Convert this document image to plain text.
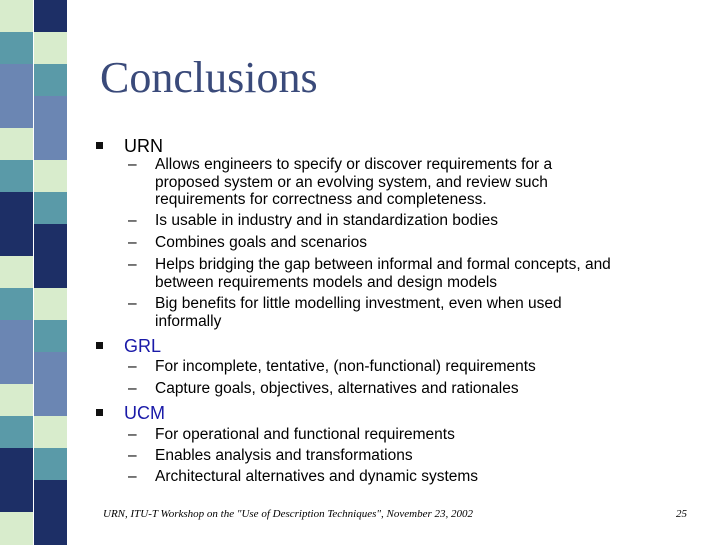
Conclusions
URN
– Allows engineers to specify or discover requirements for a
proposed system or an evolving system, and review such
requirements for correctness and completeness.
– Is usable in industry and in standardization bodies
– Combines goals and scenarios
– Helps bridging the gap between informal and formal concepts, and
between requirements models and design models
– Big benefits for little modelling investment, even when used
informally
GRL
– For incomplete, tentative, (non-functional) requirements
– Capture goals, objectives, alternatives and rationales
UCM
– For operational and functional requirements
– Enables analysis and transformations
– Architectural alternatives and dynamic systems
URN, ITU-T Workshop on the "Use of Description Techniques", November 23, 2002	25
